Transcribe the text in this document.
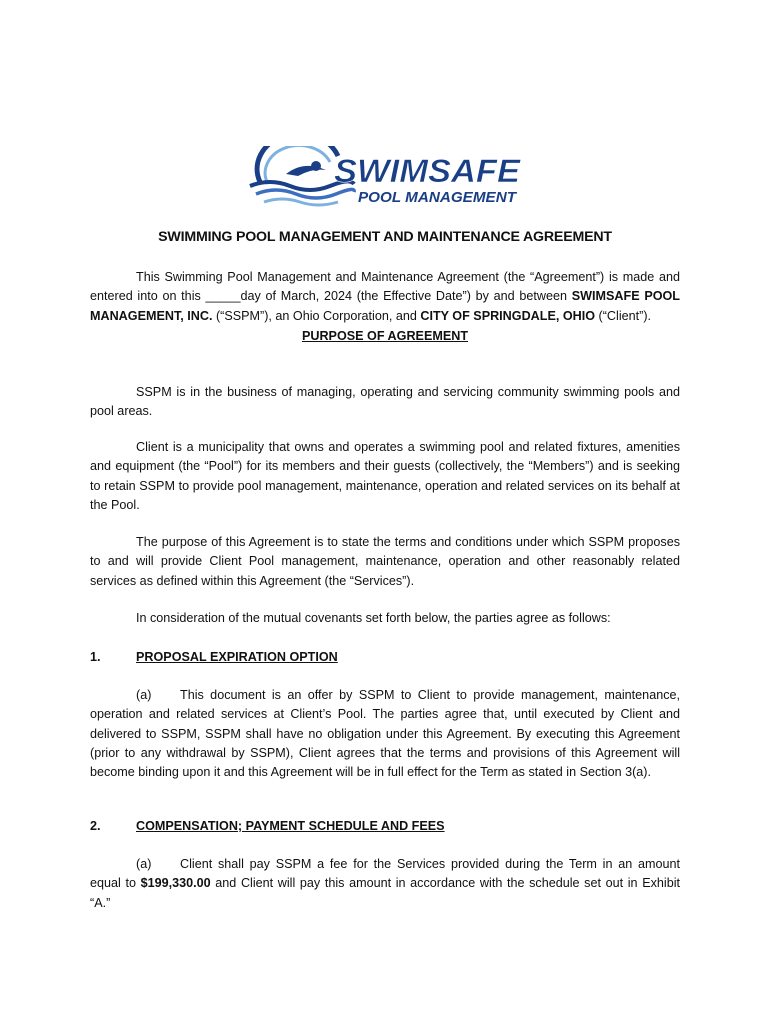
SWIMSAFE
POOL MANAGEMENT
SWIMMING POOL MANAGEMENT AND MAINTENANCE AGREEMENT

This Swimming Pool Management and Maintenance Agreement (the “Agreement”) is made and entered into on this _____day of March, 2024 (the Effective Date”) by and between SWIMSAFE POOL MANAGEMENT, INC. (“SSPM”), an Ohio Corporation, and CITY OF SPRINGDALE, OHIO (“Client”).

PURPOSE OF AGREEMENT

SSPM is in the business of managing, operating and servicing community swimming pools and pool areas.

Client is a municipality that owns and operates a swimming pool and related fixtures, amenities and equipment (the “Pool”) for its members and their guests (collectively, the “Members”) and is seeking to retain SSPM to provide pool management, maintenance, operation and related services on its behalf at the Pool.

The purpose of this Agreement is to state the terms and conditions under which SSPM proposes to and will provide Client Pool management, maintenance, operation and other reasonably related services as defined within this Agreement (the “Services”).

In consideration of the mutual covenants set forth below, the parties agree as follows:

1.	PROPOSAL EXPIRATION OPTION

(a) This document is an offer by SSPM to Client to provide management, maintenance, operation and related services at Client’s Pool. The parties agree that, until executed by Client and delivered to SSPM, SSPM shall have no obligation under this Agreement. By executing this Agreement (prior to any withdrawal by SSPM), Client agrees that the terms and provisions of this Agreement will become binding upon it and this Agreement will be in full effect for the Term as stated in Section 3(a).

2.	COMPENSATION; PAYMENT SCHEDULE AND FEES

(a) Client shall pay SSPM a fee for the Services provided during the Term in an amount equal to $199,330.00 and Client will pay this amount in accordance with the schedule set out in Exhibit “A.”
